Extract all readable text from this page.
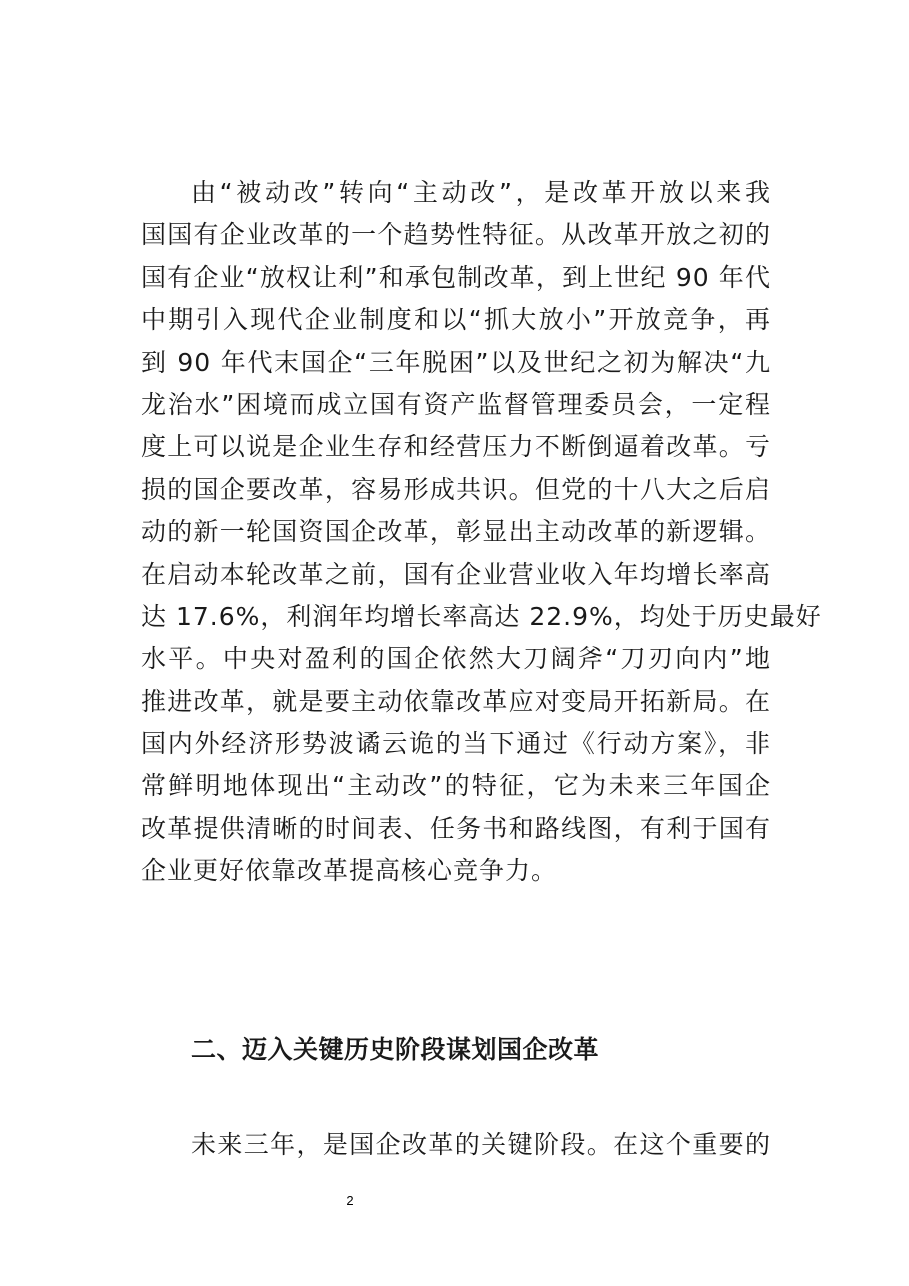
由“被动改”转向“主动改”，是改革开放以来我
国国有企业改革的一个趋势性特征。从改革开放之初的
国有企业“放权让利”和承包制改革，到上世纪 90 年代
中期引入现代企业制度和以“抓大放小”开放竞争，再
到 90 年代末国企“三年脱困”以及世纪之初为解决“九
龙治水”困境而成立国有资产监督管理委员会，一定程
度上可以说是企业生存和经营压力不断倒逼着改革。亏
损的国企要改革，容易形成共识。但党的十八大之后启
动的新一轮国资国企改革，彰显出主动改革的新逻辑。
在启动本轮改革之前，国有企业营业收入年均增长率高
达 17.6%，利润年均增长率高达 22.9%，均处于历史最好
水平。中央对盈利的国企依然大刀阔斧“刀刃向内”地
推进改革，就是要主动依靠改革应对变局开拓新局。在
国内外经济形势波谲云诡的当下通过《行动方案》，非
常鲜明地体现出“主动改”的特征，它为未来三年国企
改革提供清晰的时间表、任务书和路线图，有利于国有
企业更好依靠改革提高核心竞争力。
二、迈入关键历史阶段谋划国企改革
未来三年，是国企改革的关键阶段。在这个重要的
2
